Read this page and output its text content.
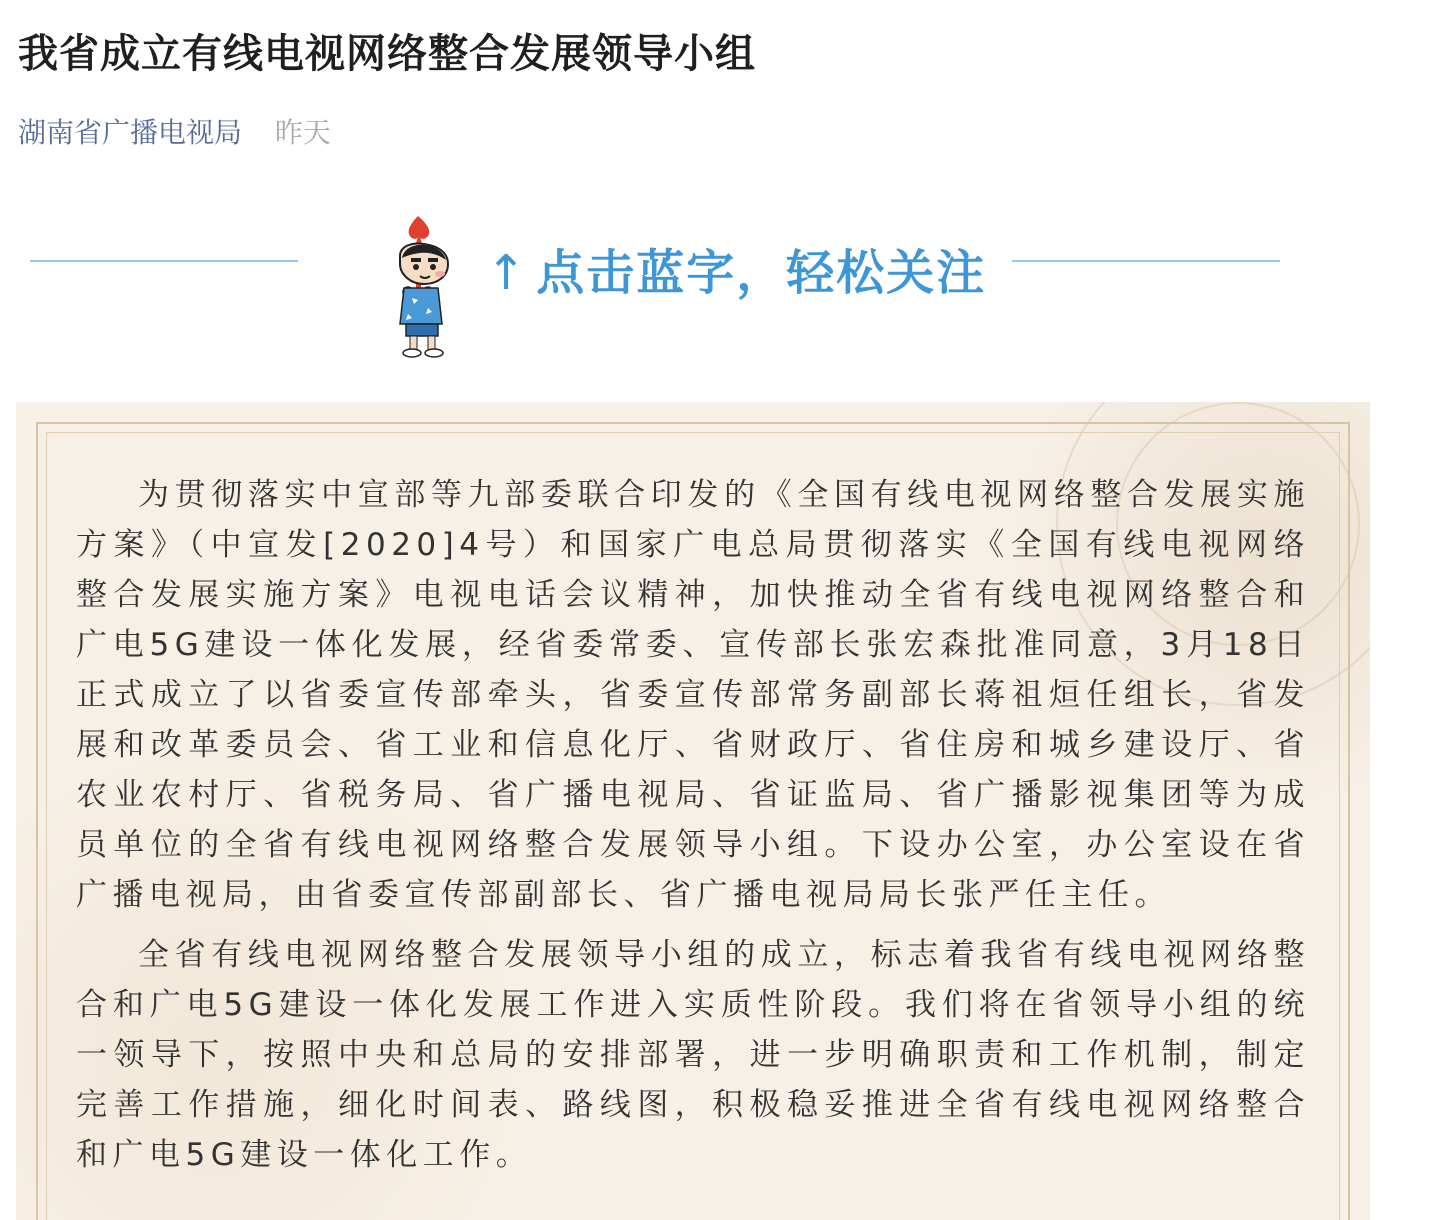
我省成立有线电视网络整合发展领导小组
湖南省广播电视局 昨天
↑ 点击蓝字，轻松关注

为贯彻落实中宣部等九部委联合印发的《全国有线电视网络整合发展实施方案》（中宣发[2020]4号）和国家广电总局贯彻落实《全国有线电视网络整合发展实施方案》电视电话会议精神，加快推动全省有线电视网络整合和广电5G建设一体化发展，经省委常委、宣传部长张宏森批准同意，3月18日正式成立了以省委宣传部牵头，省委宣传部常务副部长蒋祖烜任组长，省发展和改革委员会、省工业和信息化厅、省财政厅、省住房和城乡建设厅、省农业农村厅、省税务局、省广播电视局、省证监局、省广播影视集团等为成员单位的全省有线电视网络整合发展领导小组。下设办公室，办公室设在省广播电视局，由省委宣传部副部长、省广播电视局局长张严任主任。

全省有线电视网络整合发展领导小组的成立，标志着我省有线电视网络整合和广电5G建设一体化发展工作进入实质性阶段。我们将在省领导小组的统一领导下，按照中央和总局的安排部署，进一步明确职责和工作机制，制定完善工作措施，细化时间表、路线图，积极稳妥推进全省有线电视网络整合和广电5G建设一体化工作。
